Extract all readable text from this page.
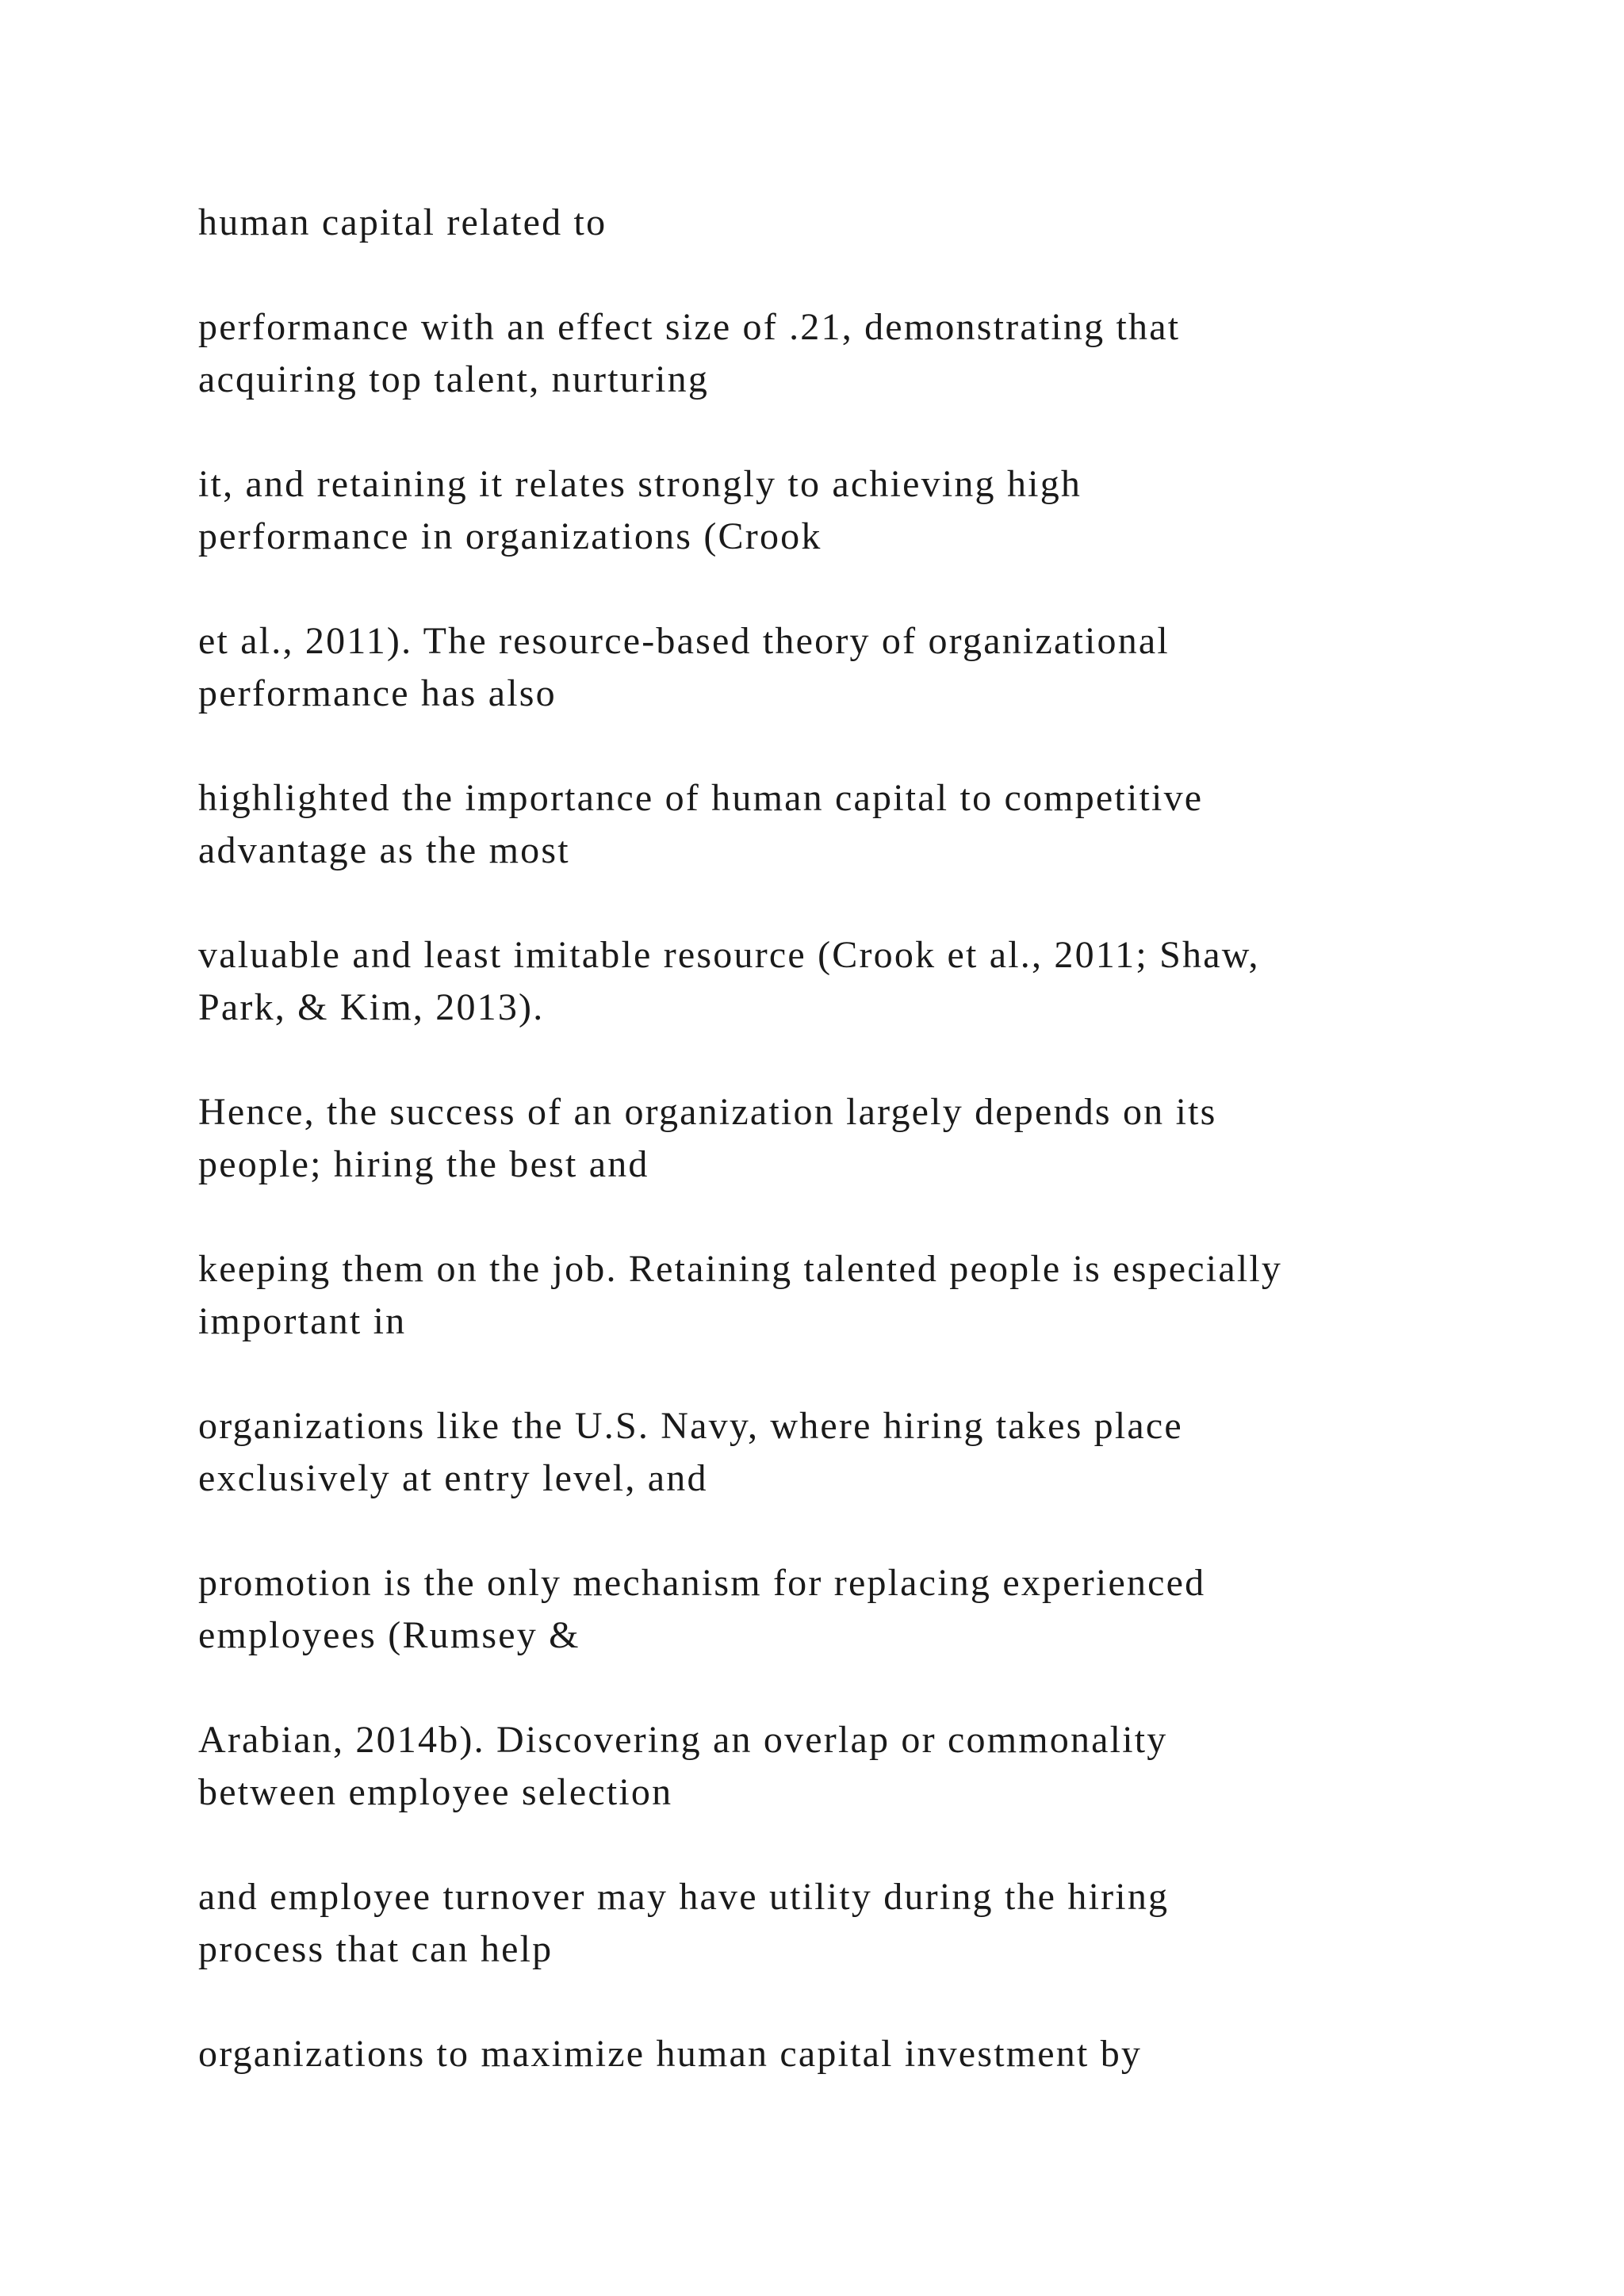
human capital related to

performance with an effect size of .21, demonstrating that
acquiring top talent, nurturing

it, and retaining it relates strongly to achieving high
performance in organizations (Crook

et al., 2011). The resource-based theory of organizational
performance has also

highlighted the importance of human capital to competitive
advantage as the most

valuable and least imitable resource (Crook et al., 2011; Shaw,
Park, & Kim, 2013).

Hence, the success of an organization largely depends on its
people; hiring the best and

keeping them on the job. Retaining talented people is especially
important in

organizations like the U.S. Navy, where hiring takes place
exclusively at entry level, and

promotion is the only mechanism for replacing experienced
employees (Rumsey &

Arabian, 2014b). Discovering an overlap or commonality
between employee selection

and employee turnover may have utility during the hiring
process that can help

organizations to maximize human capital investment by
